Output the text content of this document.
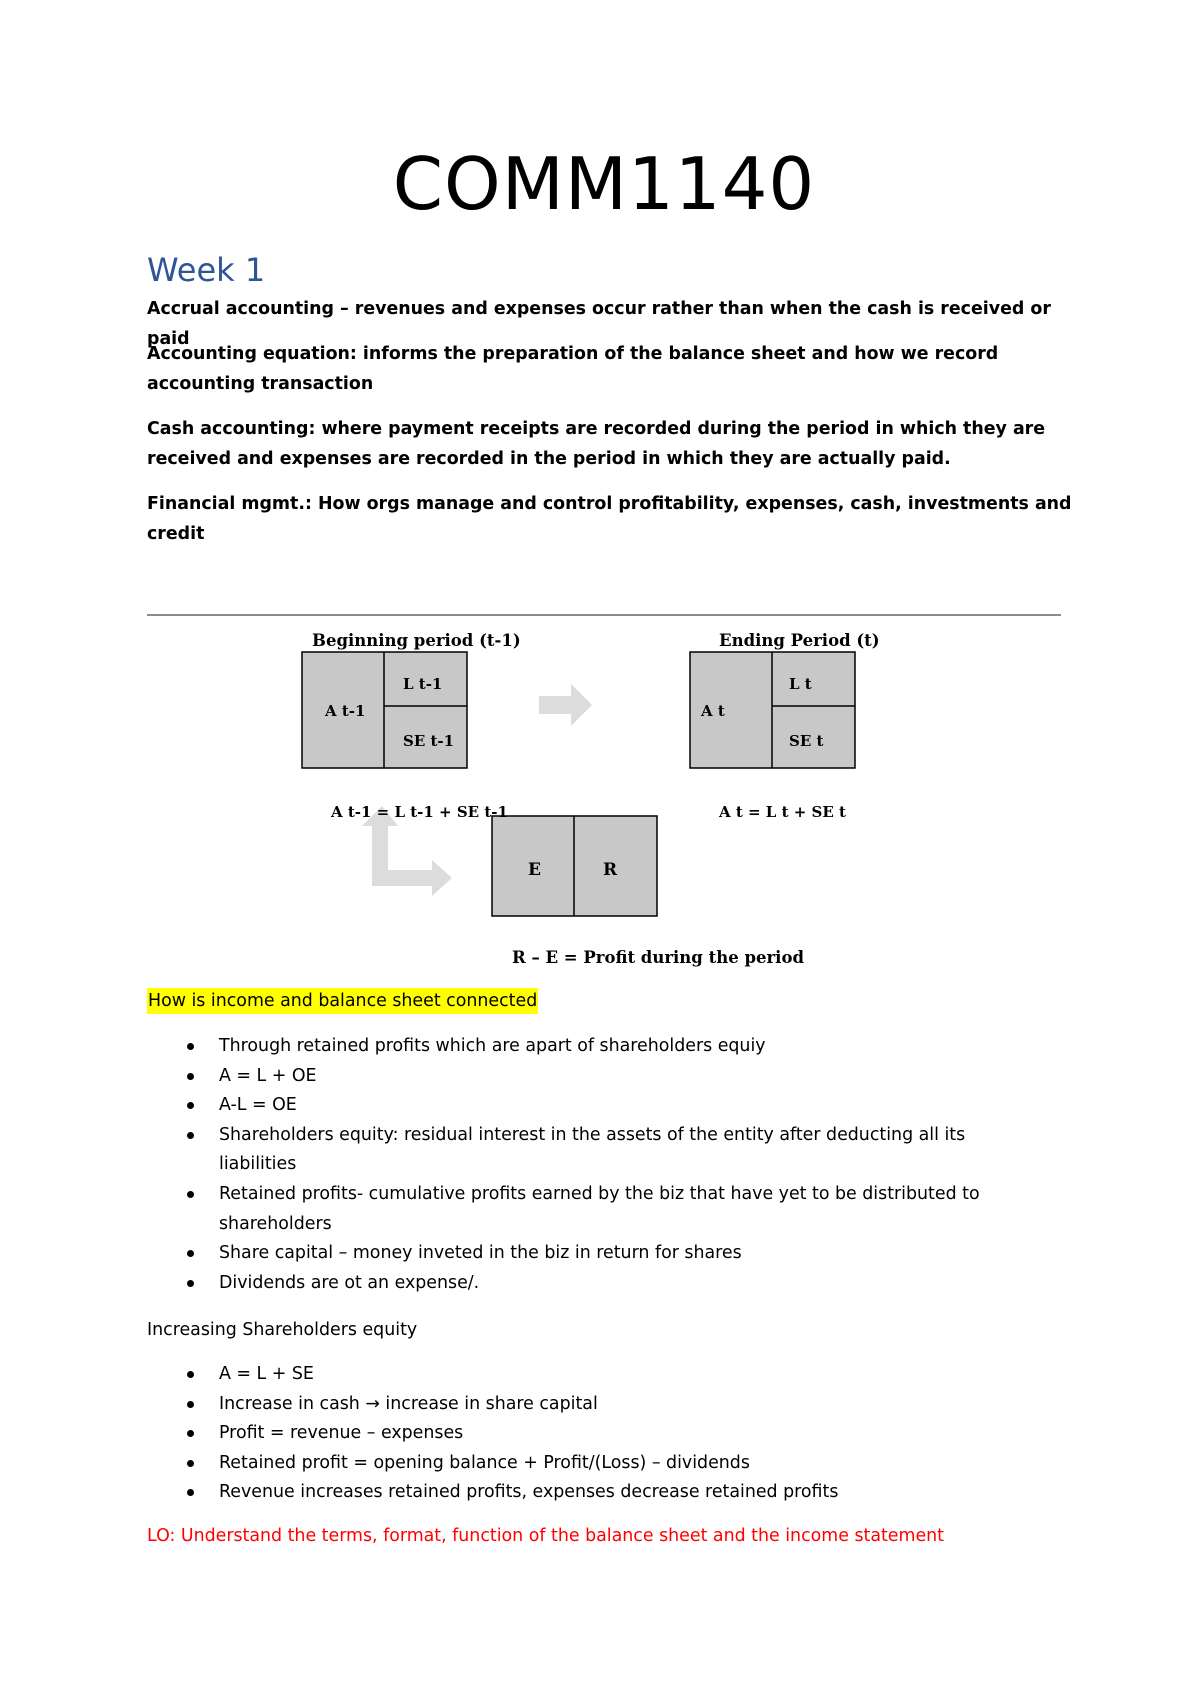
COMM1140
Week 1
Accrual accounting – revenues and expenses occur rather than when the cash is received or paid
Accounting equation: informs the preparation of the balance sheet and how we record accounting transaction
Cash accounting: where payment receipts are recorded during the period in which they are received and expenses are recorded in the period in which they are actually paid.
Financial mgmt.: How orgs manage and control profitability, expenses, cash, investments and credit
Beginning period (t-1)	Ending Period (t)
A t-1
L t-1
SE t-1
A t
L t
SE t
A t-1 = L t-1 + SE t-1	A t = L t + SE t
E	R
R – E = Profit during the period
How is income and balance sheet connected
Through retained profits which are apart of shareholders equiy
A = L + OE
A-L = OE
Shareholders equity: residual interest in the assets of the entity after deducting all its liabilities
Retained profits- cumulative profits earned by the biz that have yet to be distributed to shareholders
Share capital – money inveted in the biz in return for shares
Dividends are ot an expense/.
Increasing Shareholders equity
A = L + SE
Increase in cash → increase in share capital
Profit = revenue – expenses
Retained profit = opening balance + Profit/(Loss) – dividends
Revenue increases retained profits, expenses decrease retained profits
LO: Understand the terms, format, function of the balance sheet and the income statement
